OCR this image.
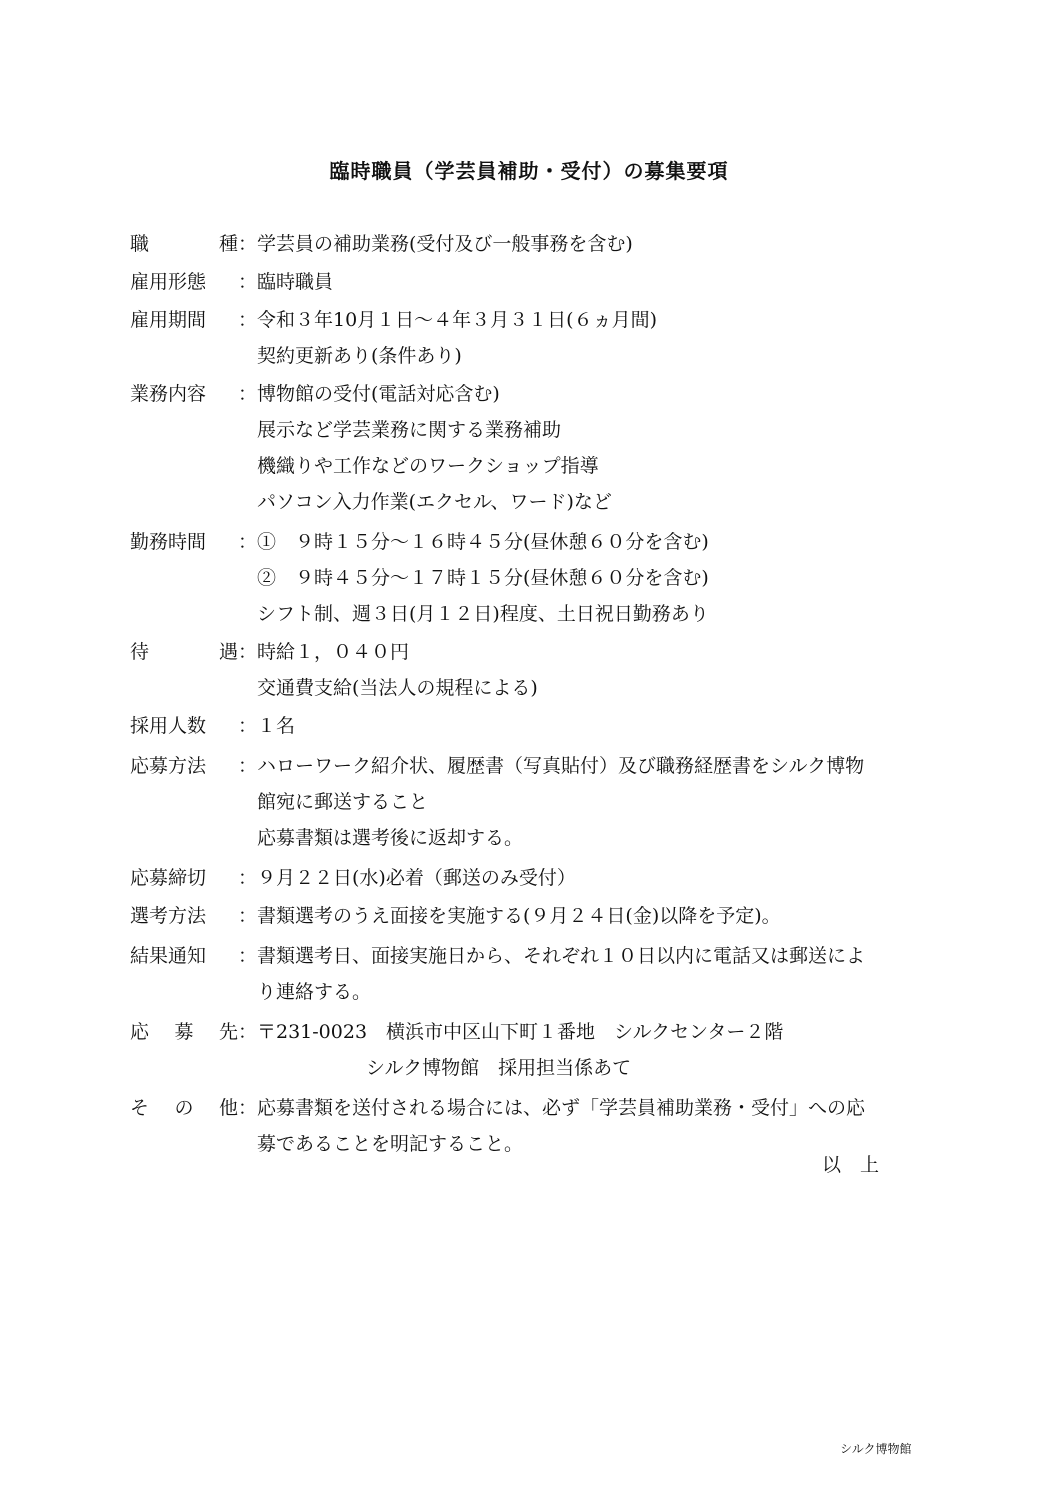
臨時職員（学芸員補助・受付）の募集要項
職	種 ：学芸員の補助業務(受付及び一般事務を含む)
雇用形態 ：臨時職員
雇用期間 ：令和３年10月１日～４年３月３１日(６ヵ月間)
契約更新あり(条件あり)
業務内容 ：博物館の受付(電話対応含む)
展示など学芸業務に関する業務補助
機織りや工作などのワークショップ指導
パソコン入力作業(エクセル、ワード)など
勤務時間 ：①　９時１５分～１６時４５分(昼休憩６０分を含む)
②　９時４５分～１７時１５分(昼休憩６０分を含む)
シフト制、週３日(月１２日)程度、土日祝日勤務あり
待	遇 ：時給１，０４０円
交通費支給(当法人の規程による)
採用人数 ：１名
応募方法 ：ハローワーク紹介状、履歴書（写真貼付）及び職務経歴書をシルク博物
館宛に郵送すること
応募書類は選考後に返却する。
応募締切 ：９月２２日(水)必着（郵送のみ受付）
選考方法 ：書類選考のうえ面接を実施する(９月２４日(金)以降を予定)。
結果通知 ：書類選考日、面接実施日から、それぞれ１０日以内に電話又は郵送によ
り連絡する。
応 募 先 ：〒231-0023　横浜市中区山下町１番地　シルクセンター２階
シルク博物館　採用担当係あて
そ の 他 ：応募書類を送付される場合には、必ず「学芸員補助業務・受付」への応
募であることを明記すること。
以　上
シルク博物館
